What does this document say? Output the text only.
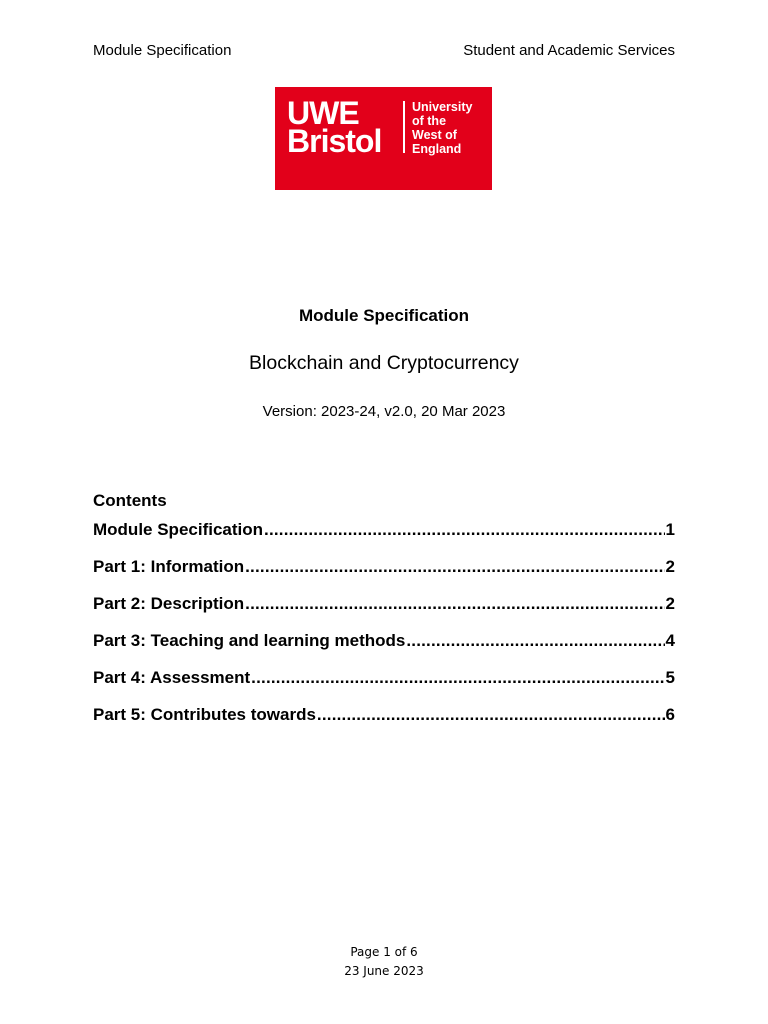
Module Specification	Student and Academic Services
UWE
Bristol
University
of the
West of
England
Module Specification
Blockchain and Cryptocurrency
Version: 2023-24, v2.0, 20 Mar 2023
Contents
Module Specification .....	1
Part 1: Information .....	2
Part 2: Description .....	2
Part 3: Teaching and learning methods .....	4
Part 4: Assessment .....	5
Part 5: Contributes towards .....	6
Page 1 of 6
23 June 2023
